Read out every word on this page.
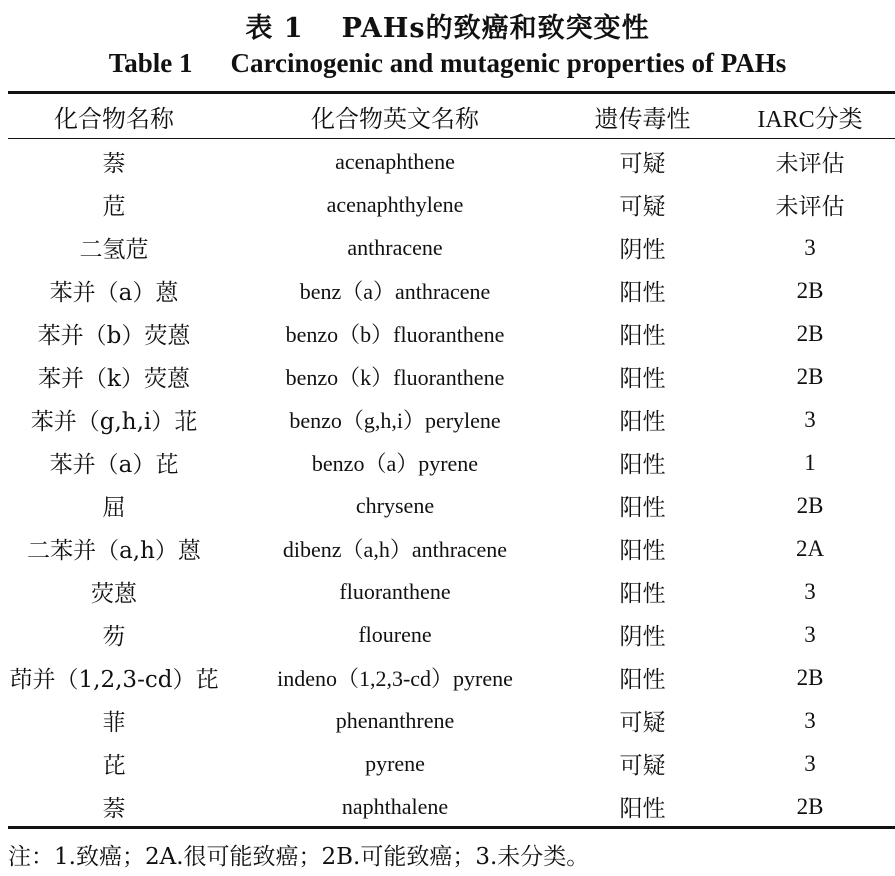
表 1 PAHs的致癌和致突变性
Table 1 Carcinogenic and mutagenic properties of PAHs
化合物名称	化合物英文名称	遗传毒性	IARC分类
萘	acenaphthene	可疑	未评估
苊	acenaphthylene	可疑	未评估
二氢苊	anthracene	阴性	3
苯并（a）蒽	benz（a）anthracene	阳性	2B
苯并（b）荧蒽	benzo（b）fluoranthene	阳性	2B
苯并（k）荧蒽	benzo（k）fluoranthene	阳性	2B
苯并（g,h,i）苝	benzo（g,h,i）perylene	阳性	3
苯并（a）芘	benzo（a）pyrene	阳性	1
屈	chrysene	阳性	2B
二苯并（a,h）蒽	dibenz（a,h）anthracene	阳性	2A
荧蒽	fluoranthene	阳性	3
芴	flourene	阴性	3
茚并（1,2,3-cd）芘	indeno（1,2,3-cd）pyrene	阳性	2B
菲	phenanthrene	可疑	3
芘	pyrene	可疑	3
萘	naphthalene	阳性	2B
注：1.致癌；2A.很可能致癌；2B.可能致癌；3.未分类。
